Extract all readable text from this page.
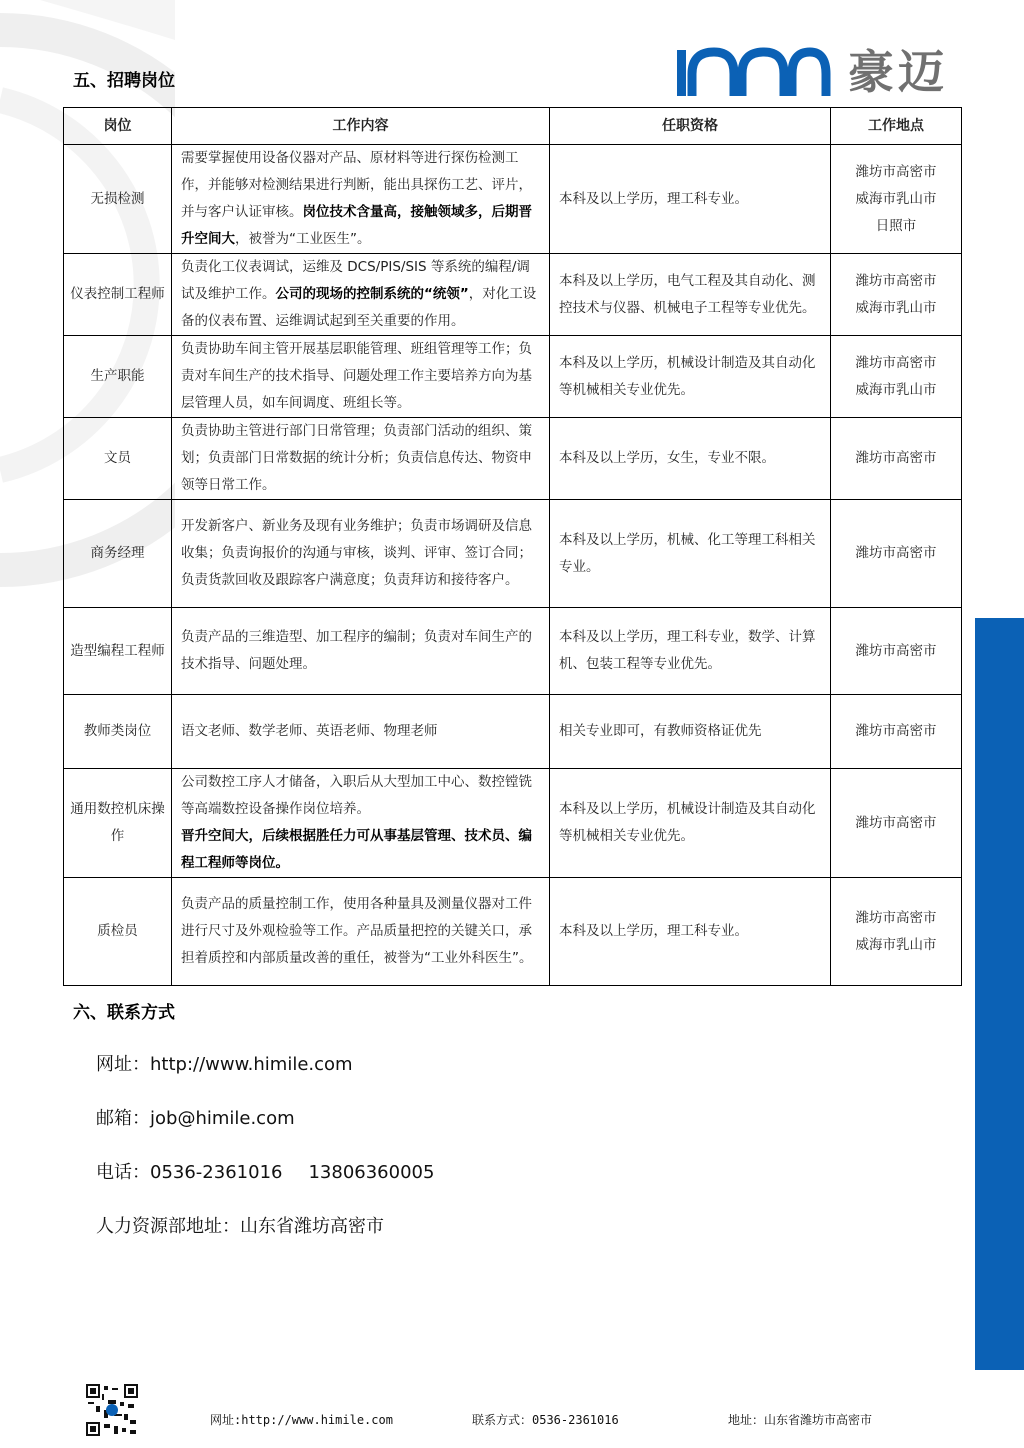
豪迈
五、招聘岗位
岗位	工作内容	任职资格	工作地点
无损检测	需要掌握使用设备仪器对产品、原材料等进行探伤检测工作，并能够对检测结果进行判断，能出具探伤工艺、评片，并与客户认证审核。岗位技术含量高，接触领域多，后期晋升空间大，被誉为“工业医生”。	本科及以上学历，理工科专业。	潍坊市高密市
威海市乳山市
日照市

仪表控制工程师	负责化工仪表调试，运维及 DCS/PIS/SIS 等系统的编程/调试及维护工作。公司的现场的控制系统的“统领”，对化工设备的仪表布置、运维调试起到至关重要的作用。	本科及以上学历，电气工程及其自动化、测控技术与仪器、机械电子工程等专业优先。	潍坊市高密市
威海市乳山市

生产职能	负责协助车间主管开展基层职能管理、班组管理等工作；负责对车间生产的技术指导、问题处理工作主要培养方向为基层管理人员，如车间调度、班组长等。	本科及以上学历，机械设计制造及其自动化等机械相关专业优先。	潍坊市高密市
威海市乳山市

文员	负责协助主管进行部门日常管理；负责部门活动的组织、策划；负责部门日常数据的统计分析；负责信息传达、物资申领等日常工作。	本科及以上学历，女生，专业不限。	潍坊市高密市

商务经理	开发新客户、新业务及现有业务维护；负责市场调研及信息收集；负责询报价的沟通与审核，谈判、评审、签订合同；负责货款回收及跟踪客户满意度；负责拜访和接待客户。	本科及以上学历，机械、化工等理工科相关专业。	潍坊市高密市

造型编程工程师	负责产品的三维造型、加工程序的编制；负责对车间生产的技术指导、问题处理。	本科及以上学历，理工科专业，数学、计算机、包装工程等专业优先。	潍坊市高密市

教师类岗位	语文老师、数学老师、英语老师、物理老师	相关专业即可，有教师资格证优先	潍坊市高密市

通用数控机床操作	公司数控工序人才储备，入职后从大型加工中心、数控镗铣等高端数控设备操作岗位培养。
晋升空间大，后续根据胜任力可从事基层管理、技术员、编程工程师等岗位。	本科及以上学历，机械设计制造及其自动化等机械相关专业优先。	潍坊市高密市

质检员	负责产品的质量控制工作，使用各种量具及测量仪器对工件进行尺寸及外观检验等工作。产品质量把控的关键关口，承担着质控和内部质量改善的重任，被誉为“工业外科医生”。	本科及以上学历，理工科专业。	潍坊市高密市
威海市乳山市
六、联系方式
网址：http://www.himile.com
邮箱：job@himile.com
电话：0536-2361016 13806360005
人力资源部地址：山东省潍坊高密市
网址:http://www.himile.com	联系方式：0536-2361016	地址：山东省潍坊市高密市
